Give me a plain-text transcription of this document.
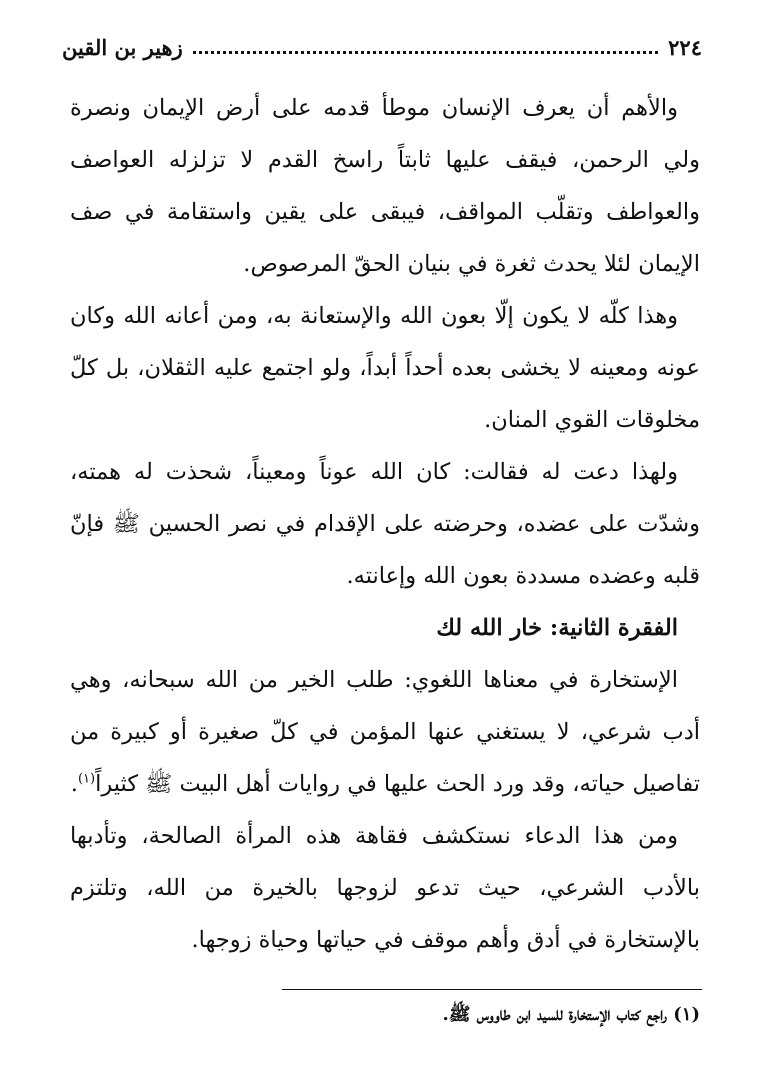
٢٢٤
زهير بن القين

والأهم أن يعرف الإنسان موطأ قدمه على أرض الإيمان ونصرة ولي الرحمن، فيقف عليها ثابتاً راسخ القدم لا تزلزله العواصف والعواطف وتقلّب المواقف، فيبقى على يقين واستقامة في صف الإيمان لئلا يحدث ثغرة في بنيان الحقّ المرصوص.

وهذا كلّه لا يكون إلّا بعون الله والإستعانة به، ومن أعانه الله وكان عونه ومعينه لا يخشى بعده أحداً أبداً، ولو اجتمع عليه الثقلان، بل كلّ مخلوقات القوي المنان.

ولهذا دعت له فقالت: كان الله عوناً ومعيناً، شحذت له همته، وشدّت على عضده، وحرضته على الإقدام في نصر الحسين ﷺ فإنّ قلبه وعضده مسددة بعون الله وإعانته.

الفقرة الثانية: خار الله لك

الإستخارة في معناها اللغوي: طلب الخير من الله سبحانه، وهي أدب شرعي، لا يستغني عنها المؤمن في كلّ صغيرة أو كبيرة من تفاصيل حياته، وقد ورد الحث عليها في روايات أهل البيت ﷺ كثيراً$^{(١)}$.

ومن هذا الدعاء نستكشف فقاهة هذه المرأة الصالحة، وتأدبها بالأدب الشرعي، حيث تدعو لزوجها بالخيرة من الله، وتلتزم بالإستخارة في أدق وأهم موقف في حياتها وحياة زوجها.

(١) راجع كتاب الإستخارة للسيد ابن طاووس ﷺ.
